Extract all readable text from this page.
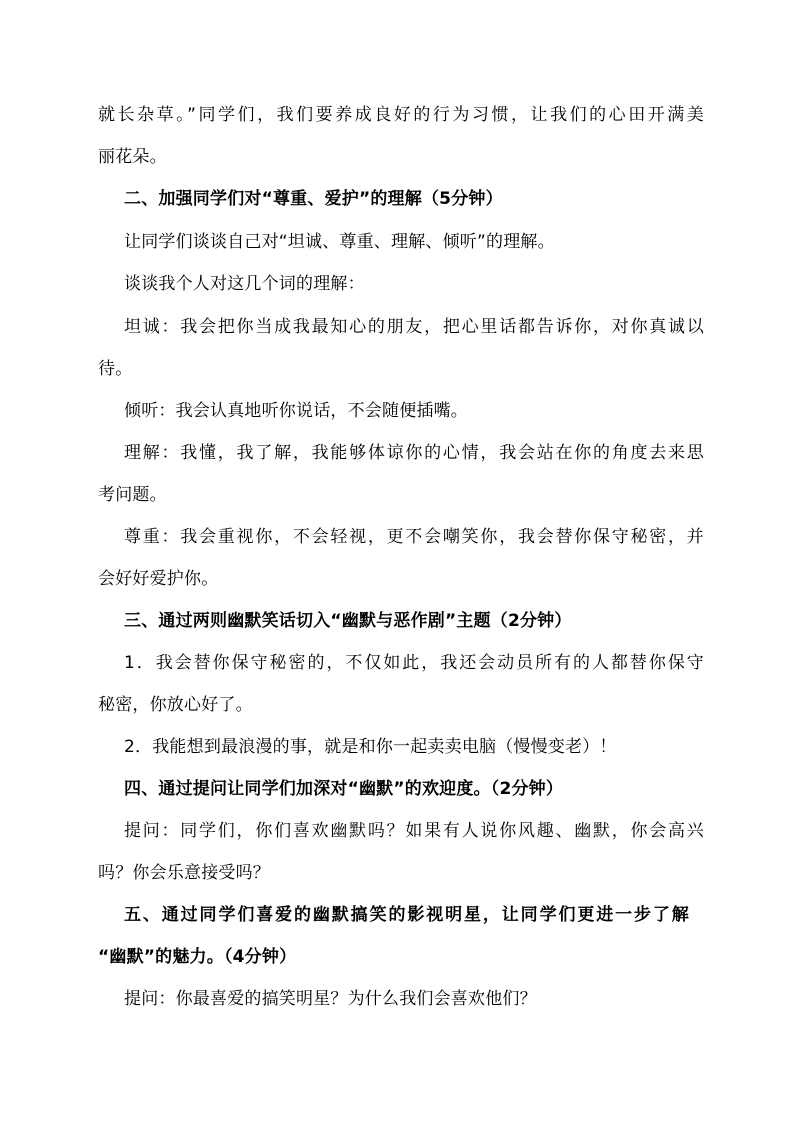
就长杂草。”同学们，我们要养成良好的行为习惯，让我们的心田开满美
丽花朵。
二、加强同学们对“尊重、爱护”的理解（5分钟）
让同学们谈谈自己对“坦诚、尊重、理解、倾听”的理解。
谈谈我个人对这几个词的理解：
坦诚：我会把你当成我最知心的朋友，把心里话都告诉你，对你真诚以
待。
倾听：我会认真地听你说话，不会随便插嘴。
理解：我懂，我了解，我能够体谅你的心情，我会站在你的角度去来思
考问题。
尊重：我会重视你，不会轻视，更不会嘲笑你，我会替你保守秘密，并
会好好爱护你。
三、通过两则幽默笑话切入“幽默与恶作剧”主题（2分钟）
1．我会替你保守秘密的，不仅如此，我还会动员所有的人都替你保守
秘密，你放心好了。
2．我能想到最浪漫的事，就是和你一起卖卖电脑（慢慢变老）！
四、通过提问让同学们加深对“幽默”的欢迎度。（2分钟）
提问：同学们，你们喜欢幽默吗？如果有人说你风趣、幽默，你会高兴
吗？你会乐意接受吗？
五、通过同学们喜爱的幽默搞笑的影视明星，让同学们更进一步了解
“幽默”的魅力。（4分钟）
提问：你最喜爱的搞笑明星？为什么我们会喜欢他们？
